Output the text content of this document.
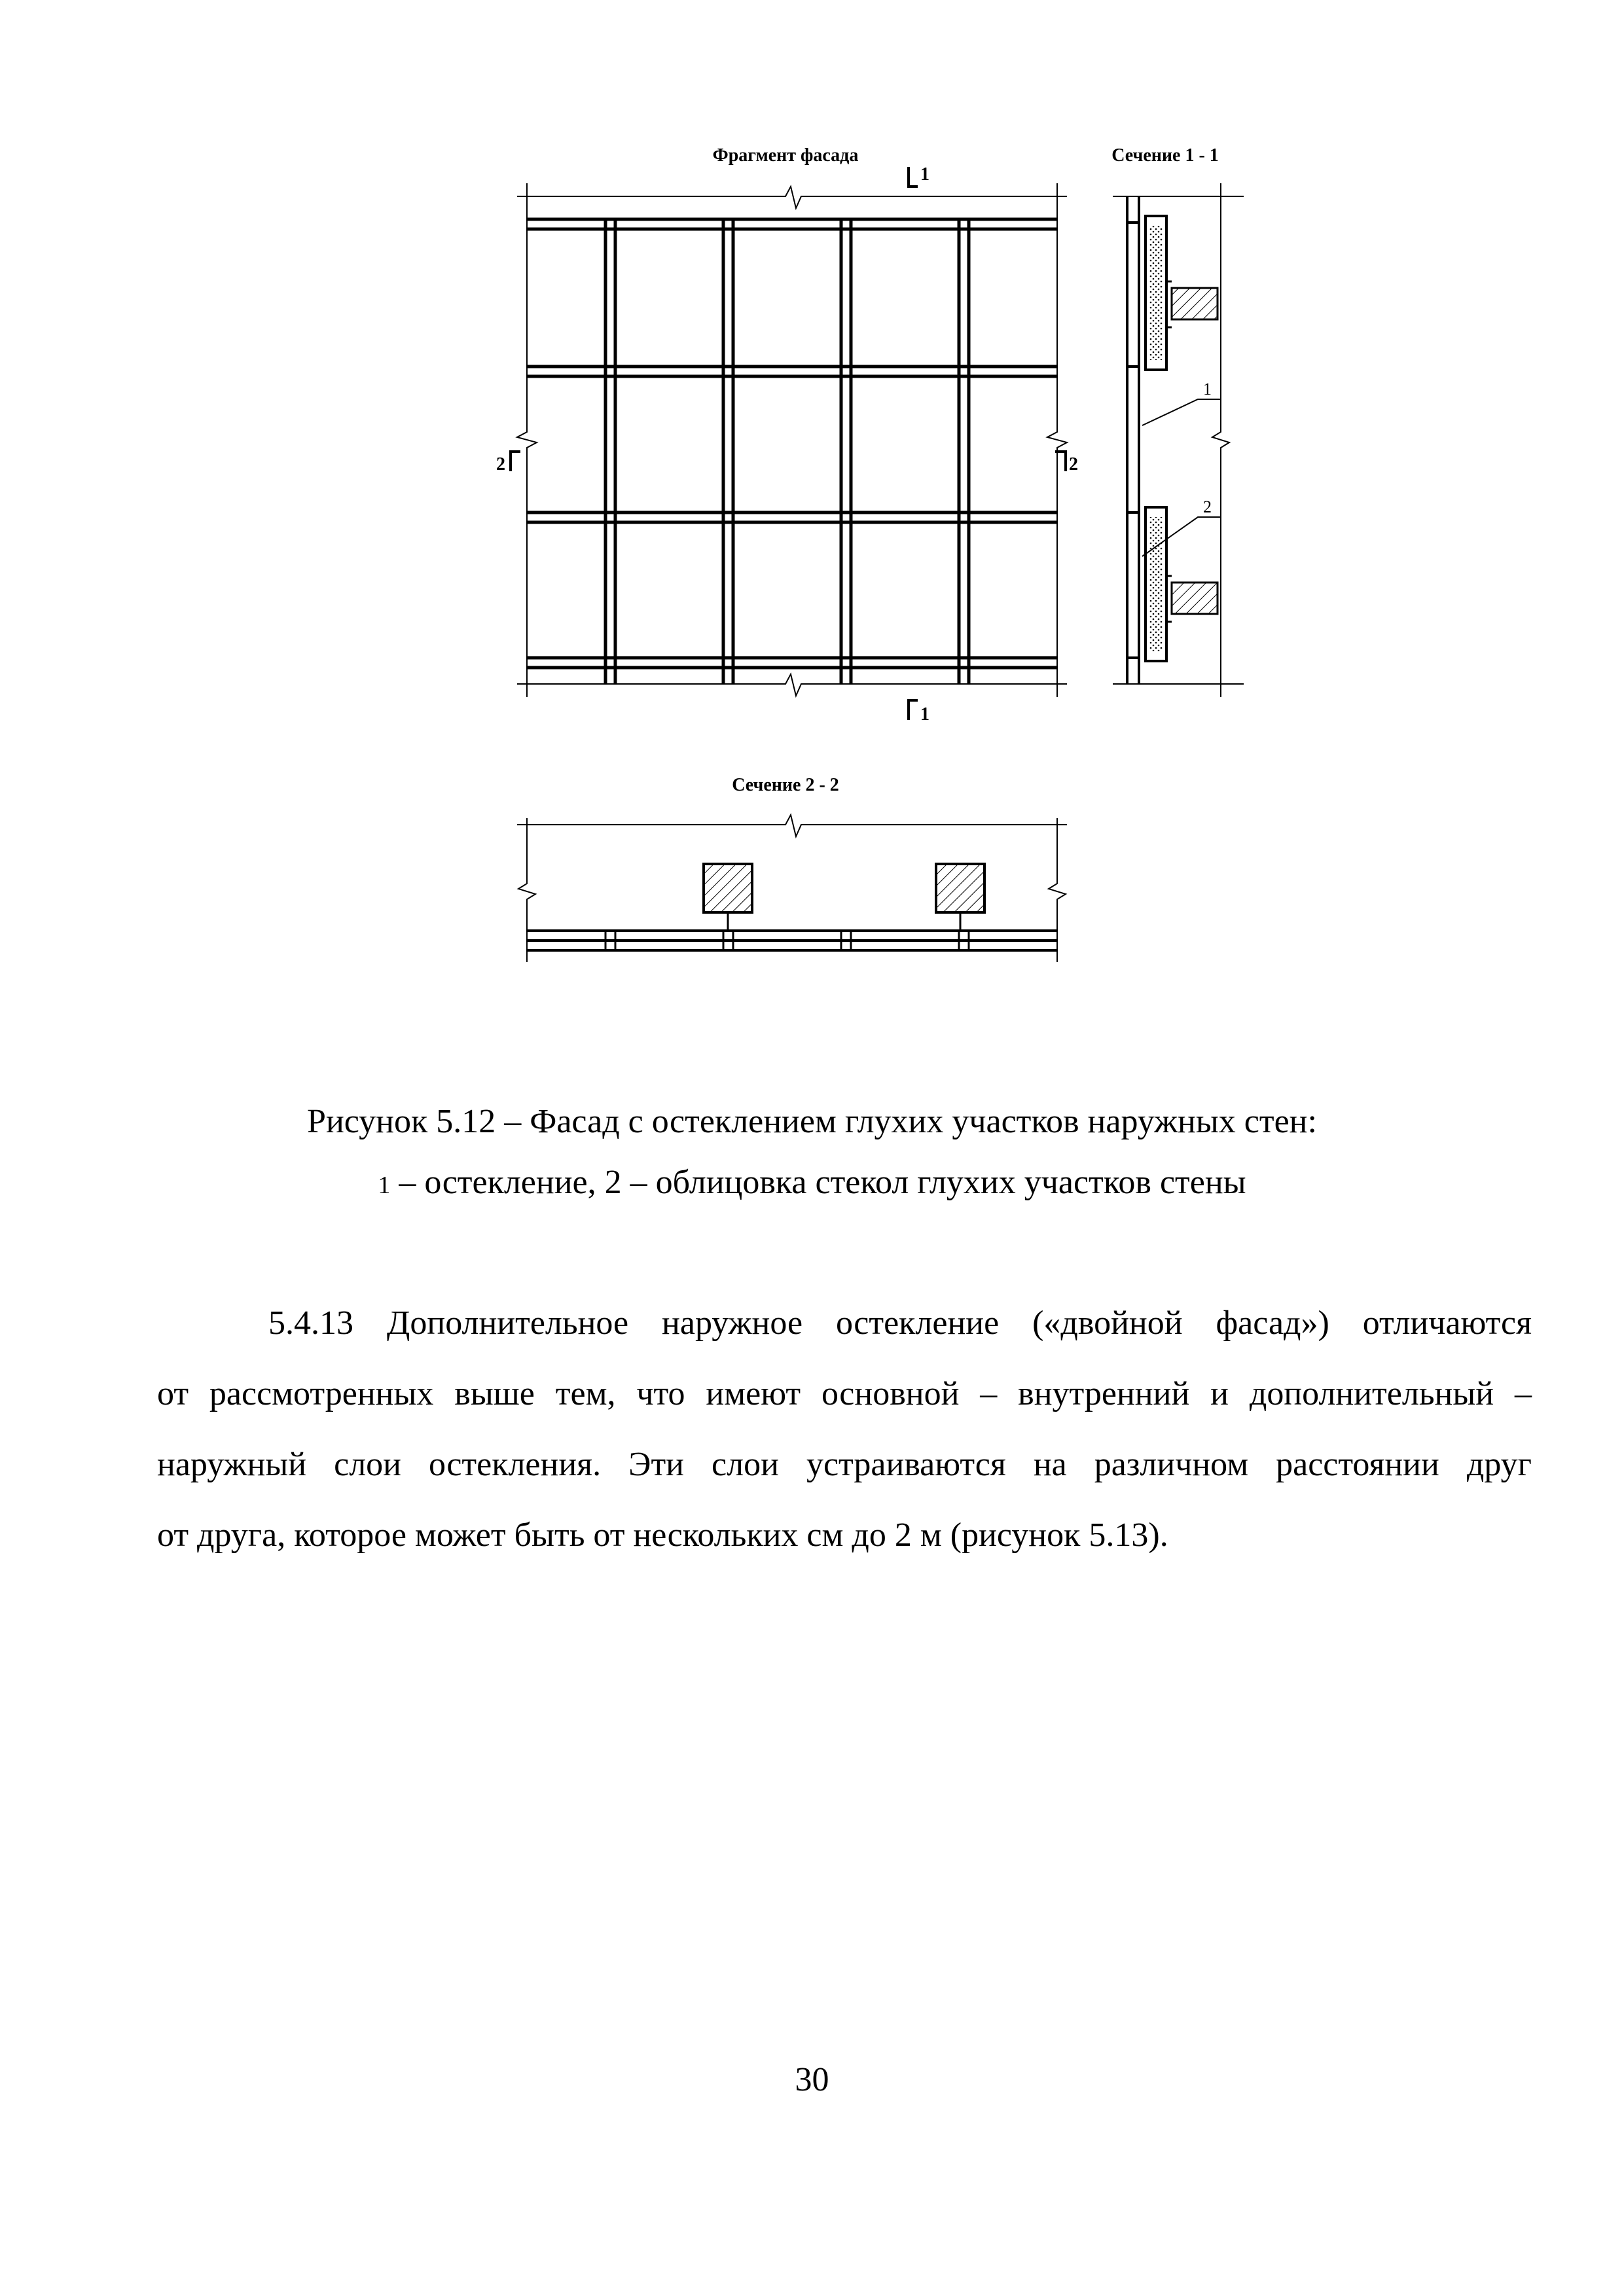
Фрагмент фасада
1
1
2	2
Сечение 1 - 1
1
2
Сечение 2 - 2
Рисунок 5.12 – Фасад с остеклением глухих участков наружных стен:
1 – остекление, 2 – облицовка стекол глухих участков стены
5.4.13 Дополнительное наружное остекление («двойной фасад») отличаются
от рассмотренных выше тем, что имеют основной – внутренний и дополнительный –
наружный слои остекления. Эти слои устраиваются на различном расстоянии друг
от друга, которое может быть от нескольких см до 2 м (рисунок 5.13).
30
